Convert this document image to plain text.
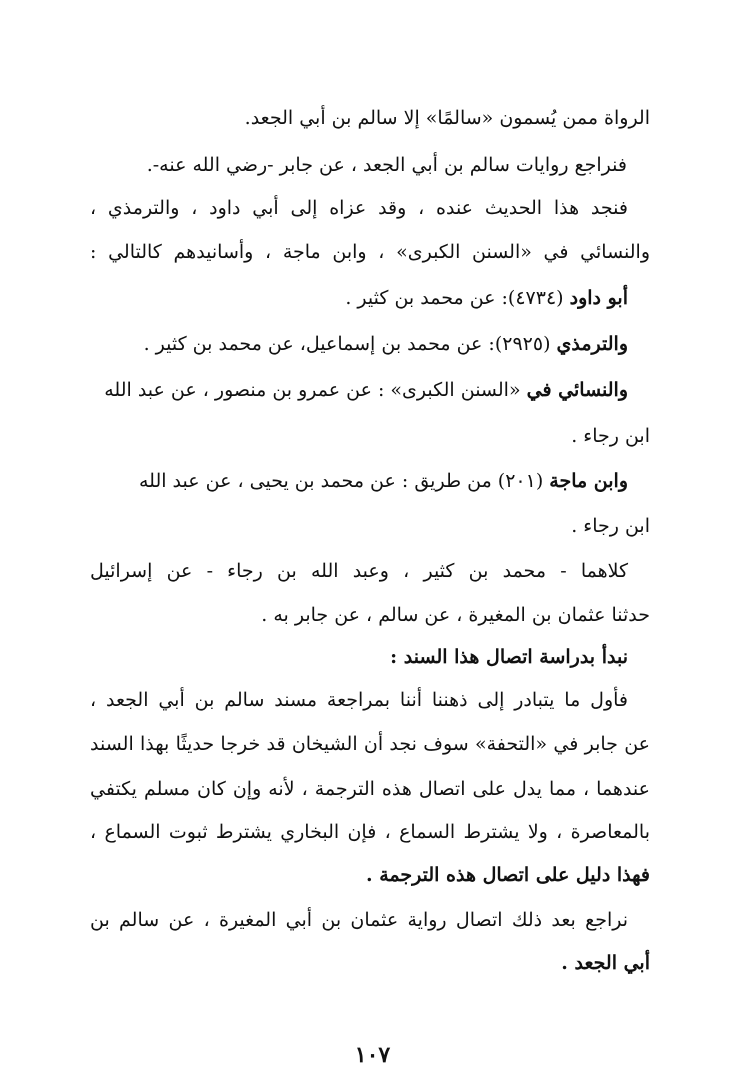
الرواة ممن يُسمون «سالمًا» إلا سالم بن أبي الجعد.
فنراجع روايات سالم بن أبي الجعد ، عن جابر -رضي الله عنه-.
فنجد هذا الحديث عنده ، وقد عزاه إلى أبي داود ، والترمذي ،
والنسائي في «السنن الكبرى» ، وابن ماجة ، وأسانيدهم كالتالي :
أبو داود (٤٧٣٤): عن محمد بن كثير .
والترمذي (٢٩٢٥): عن محمد بن إسماعيل، عن محمد بن كثير .
والنسائي في «السنن الكبرى» : عن عمرو بن منصور ، عن عبد الله
ابن رجاء .
وابن ماجة (٢٠١) من طريق : عن محمد بن يحيى ، عن عبد الله
ابن رجاء .
كلاهما - محمد بن كثير ، وعبد الله بن رجاء - عن إسرائيل
حدثنا عثمان بن المغيرة ، عن سالم ، عن جابر به .
نبدأ بدراسة اتصال هذا السند :
فأول ما يتبادر إلى ذهننا أننا بمراجعة مسند سالم بن أبي الجعد ،
عن جابر في «التحفة» سوف نجد أن الشيخان قد خرجا حديثًا بهذا السند
عندهما ، مما يدل على اتصال هذه الترجمة ، لأنه وإن كان مسلم يكتفي
بالمعاصرة ، ولا يشترط السماع ، فإن البخاري يشترط ثبوت السماع ،
فهذا دليل على اتصال هذه الترجمة .
نراجع بعد ذلك اتصال رواية عثمان بن أبي المغيرة ، عن سالم بن
أبي الجعد .
١٠٧
